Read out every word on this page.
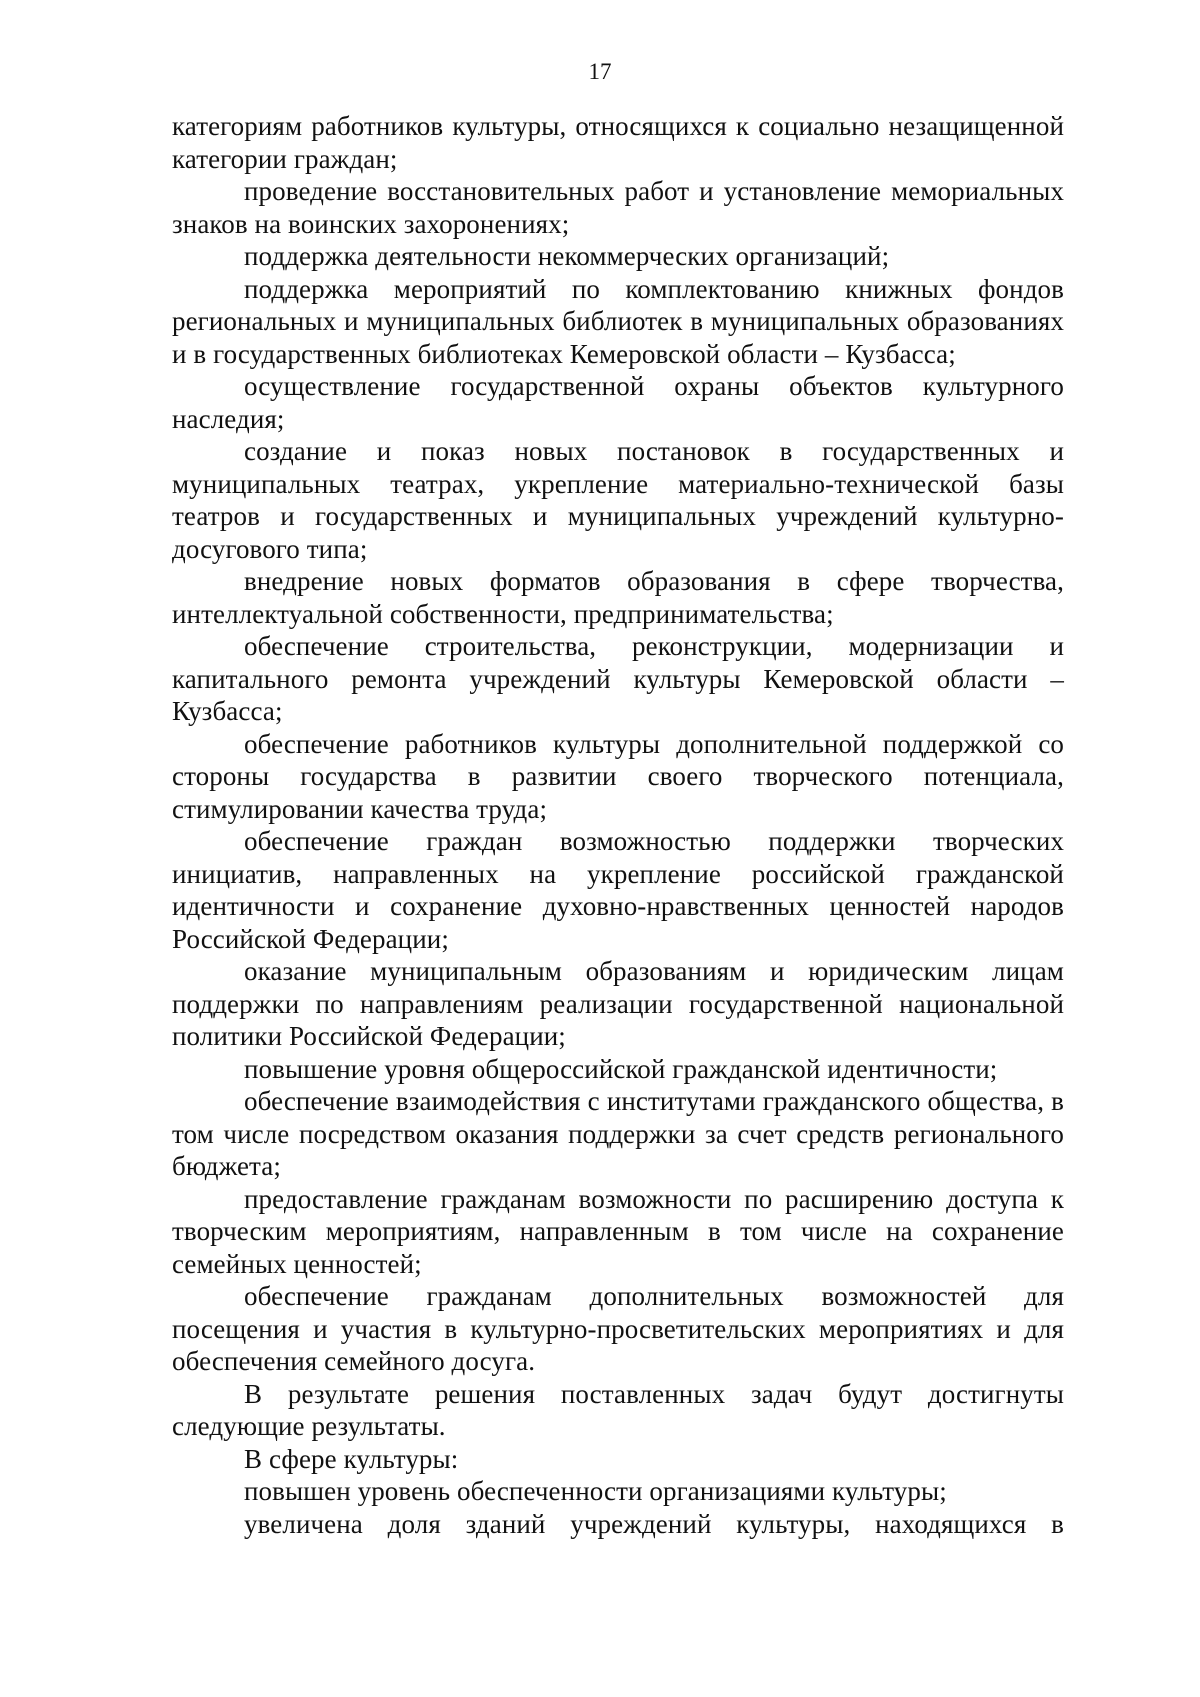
17

категориям работников культуры, относящихся к социально незащищенной категории граждан;

проведение восстановительных работ и установление мемориальных знаков на воинских захоронениях;

поддержка деятельности некоммерческих организаций;

поддержка мероприятий по комплектованию книжных фондов региональных и муниципальных библиотек в муниципальных образованиях и в государственных библиотеках Кемеровской области – Кузбасса;

осуществление государственной охраны объектов культурного наследия;

создание и показ новых постановок в государственных и муниципальных театрах, укрепление материально-технической базы театров и государственных и муниципальных учреждений культурно-досугового типа;

внедрение новых форматов образования в сфере творчества, интеллектуальной собственности, предпринимательства;

обеспечение строительства, реконструкции, модернизации и капитального ремонта учреждений культуры Кемеровской области – Кузбасса;

обеспечение работников культуры дополнительной поддержкой со стороны государства в развитии своего творческого потенциала, стимулировании качества труда;

обеспечение граждан возможностью поддержки творческих инициатив, направленных на укрепление российской гражданской идентичности и сохранение духовно-нравственных ценностей народов Российской Федерации;

оказание муниципальным образованиям и юридическим лицам поддержки по направлениям реализации государственной национальной политики Российской Федерации;

повышение уровня общероссийской гражданской идентичности;

обеспечение взаимодействия с институтами гражданского общества, в том числе посредством оказания поддержки за счет средств регионального бюджета;

предоставление гражданам возможности по расширению доступа к творческим мероприятиям, направленным в том числе на сохранение семейных ценностей;

обеспечение гражданам дополнительных возможностей для посещения и участия в культурно-просветительских мероприятиях и для обеспечения семейного досуга.

В результате решения поставленных задач будут достигнуты следующие результаты.

В сфере культуры:

повышен уровень обеспеченности организациями культуры;

увеличена доля зданий учреждений культуры, находящихся в
